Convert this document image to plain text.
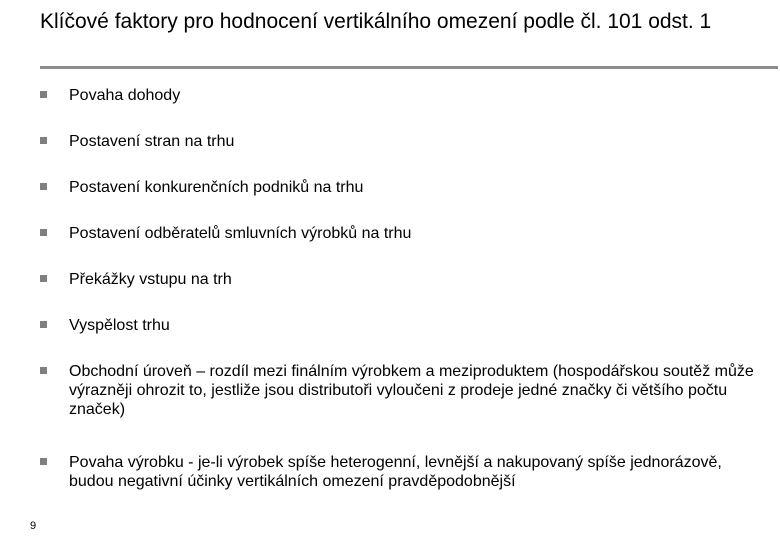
Klíčové faktory pro hodnocení vertikálního omezení podle čl. 101 odst. 1
Povaha dohody
Postavení stran na trhu
Postavení konkurenčních podniků na trhu
Postavení odběratelů smluvních výrobků na trhu
Překážky vstupu na trh
Vyspělost trhu
Obchodní úroveň – rozdíl mezi finálním výrobkem a meziproduktem (hospodářskou soutěž může výrazněji ohrozit to, jestliže jsou distributoři vyloučeni z prodeje jedné značky či většího počtu značek)
Povaha výrobku - je-li výrobek spíše heterogenní, levnější a nakupovaný spíše jednorázově, budou negativní účinky vertikálních omezení pravděpodobnější
9
